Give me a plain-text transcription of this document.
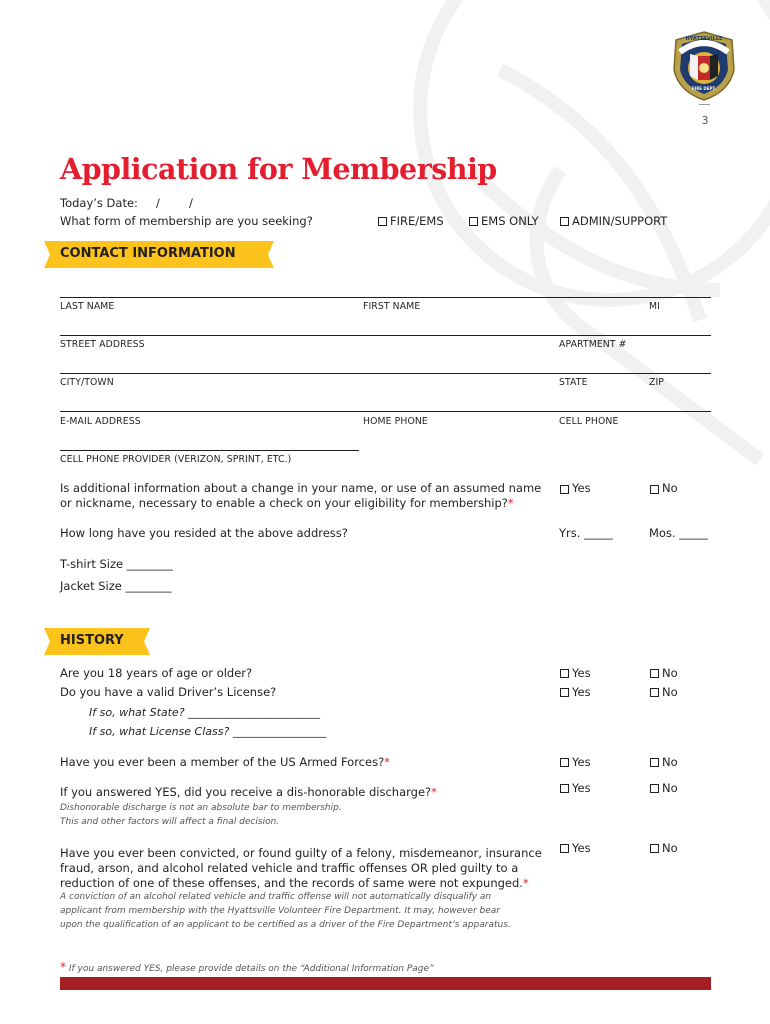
HYATTSVILLE
FIRE DEPT.
3
Application for Membership
Today’s Date: /	/
What form of membership are you seeking?	FIRE/EMS	EMS ONLY	ADMIN/SUPPORT
CONTACT INFORMATION
LAST NAME	FIRST NAME	MI
STREET ADDRESS	APARTMENT #
CITY/TOWN	STATE	ZIP
E-MAIL ADDRESS	HOME PHONE	CELL PHONE
CELL PHONE PROVIDER (VERIZON, SPRINT, ETC.)
Is additional information about a change in your name, or use of an assumed name
or nickname, necessary to enable a check on your eligibility for membership?*
Yes	No
How long have you resided at the above address?	Yrs. _____	Mos. _____
T-shirt Size ________
Jacket Size ________
HISTORY
Are you 18 years of age or older?	Yes	No
Do you have a valid Driver’s License?	Yes	No
If so, what State? ________________________
If so, what License Class? _________________
Have you ever been a member of the US Armed Forces?*	Yes	No
If you answered YES, did you receive a dis-honorable discharge?*	Yes	No
Dishonorable discharge is not an absolute bar to membership.
This and other factors will affect a final decision.
Have you ever been convicted, or found guilty of a felony, misdemeanor, insurance
fraud, arson, and alcohol related vehicle and traffic offenses OR pled guilty to a
reduction of one of these offenses, and the records of same were not expunged.*
Yes	No
A conviction of an alcohol related vehicle and traffic offense will not automatically disqualify an
applicant from membership with the Hyattsville Volunteer Fire Department. It may, however bear
upon the qualification of an applicant to be certified as a driver of the Fire Department’s apparatus.
* If you answered YES, please provide details on the “Additional Information Page”
